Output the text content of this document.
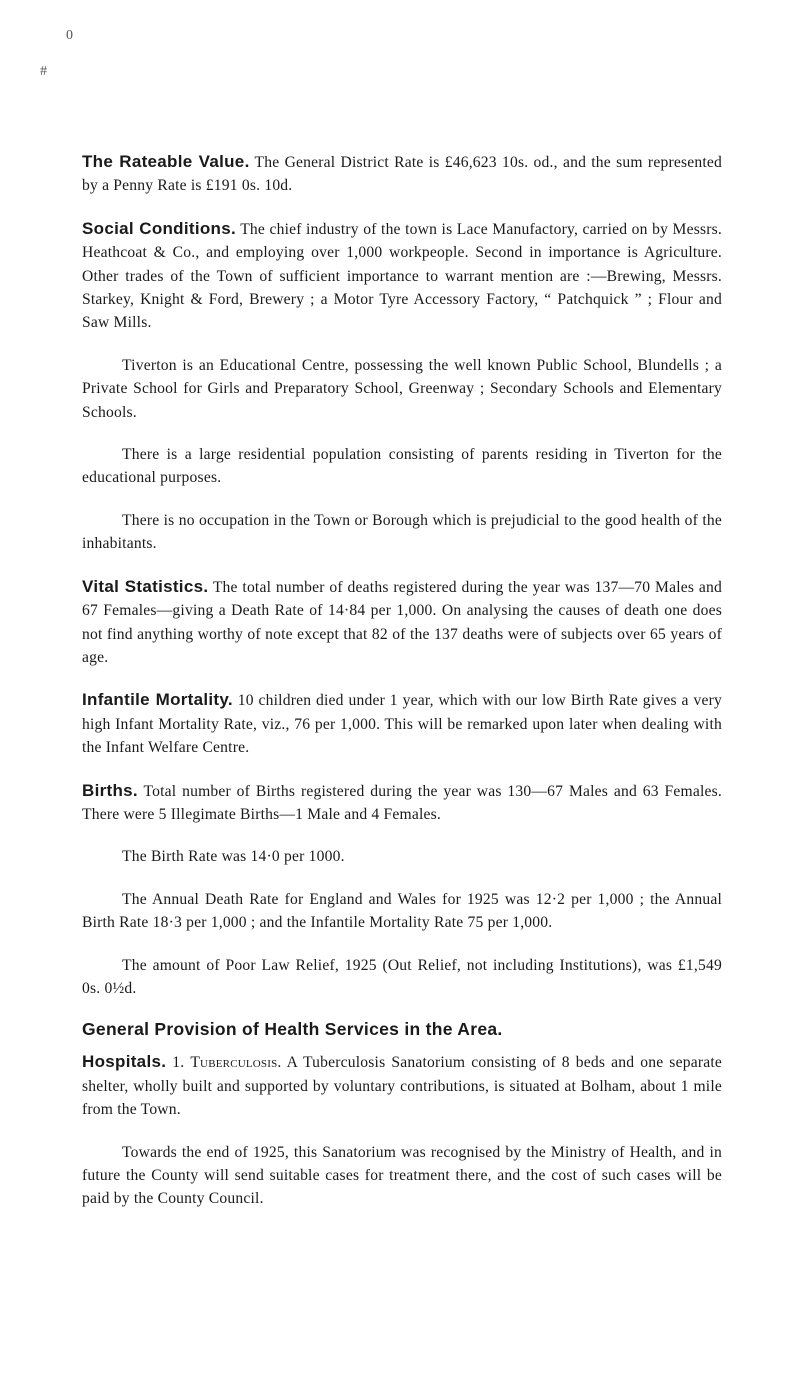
0
#

The Rateable Value. The General District Rate is £46,623 10s. od., and the sum represented by a Penny Rate is £191 0s. 10d.

Social Conditions. The chief industry of the town is Lace Manufactory, carried on by Messrs. Heathcoat & Co., and employing over 1,000 workpeople. Second in importance is Agriculture. Other trades of the Town of sufficient importance to warrant mention are :—Brewing, Messrs. Starkey, Knight & Ford, Brewery ; a Motor Tyre Accessory Factory, “ Patchquick ” ; Flour and Saw Mills.

Tiverton is an Educational Centre, possessing the well known Public School, Blundells ; a Private School for Girls and Preparatory School, Greenway ; Secondary Schools and Elementary Schools.

There is a large residential population consisting of parents residing in Tiverton for the educational purposes.

There is no occupation in the Town or Borough which is prejudicial to the good health of the inhabitants.

Vital Statistics. The total number of deaths registered during the year was 137—70 Males and 67 Females—giving a Death Rate of 14·84 per 1,000. On analysing the causes of death one does not find anything worthy of note except that 82 of the 137 deaths were of subjects over 65 years of age.

Infantile Mortality. 10 children died under 1 year, which with our low Birth Rate gives a very high Infant Mortality Rate, viz., 76 per 1,000. This will be remarked upon later when dealing with the Infant Welfare Centre.

Births. Total number of Births registered during the year was 130—67 Males and 63 Females. There were 5 Illegimate Births—1 Male and 4 Females.

The Birth Rate was 14·0 per 1000.

The Annual Death Rate for England and Wales for 1925 was 12·2 per 1,000 ; the Annual Birth Rate 18·3 per 1,000 ; and the Infantile Mortality Rate 75 per 1,000.

The amount of Poor Law Relief, 1925 (Out Relief, not including Institutions), was £1,549 0s. 0½d.

General Provision of Health Services in the Area.

Hospitals. 1. Tuberculosis. A Tuberculosis Sanatorium consisting of 8 beds and one separate shelter, wholly built and supported by voluntary contributions, is situated at Bolham, about 1 mile from the Town.

Towards the end of 1925, this Sanatorium was recognised by the Ministry of Health, and in future the County will send suitable cases for treatment there, and the cost of such cases will be paid by the County Council.
